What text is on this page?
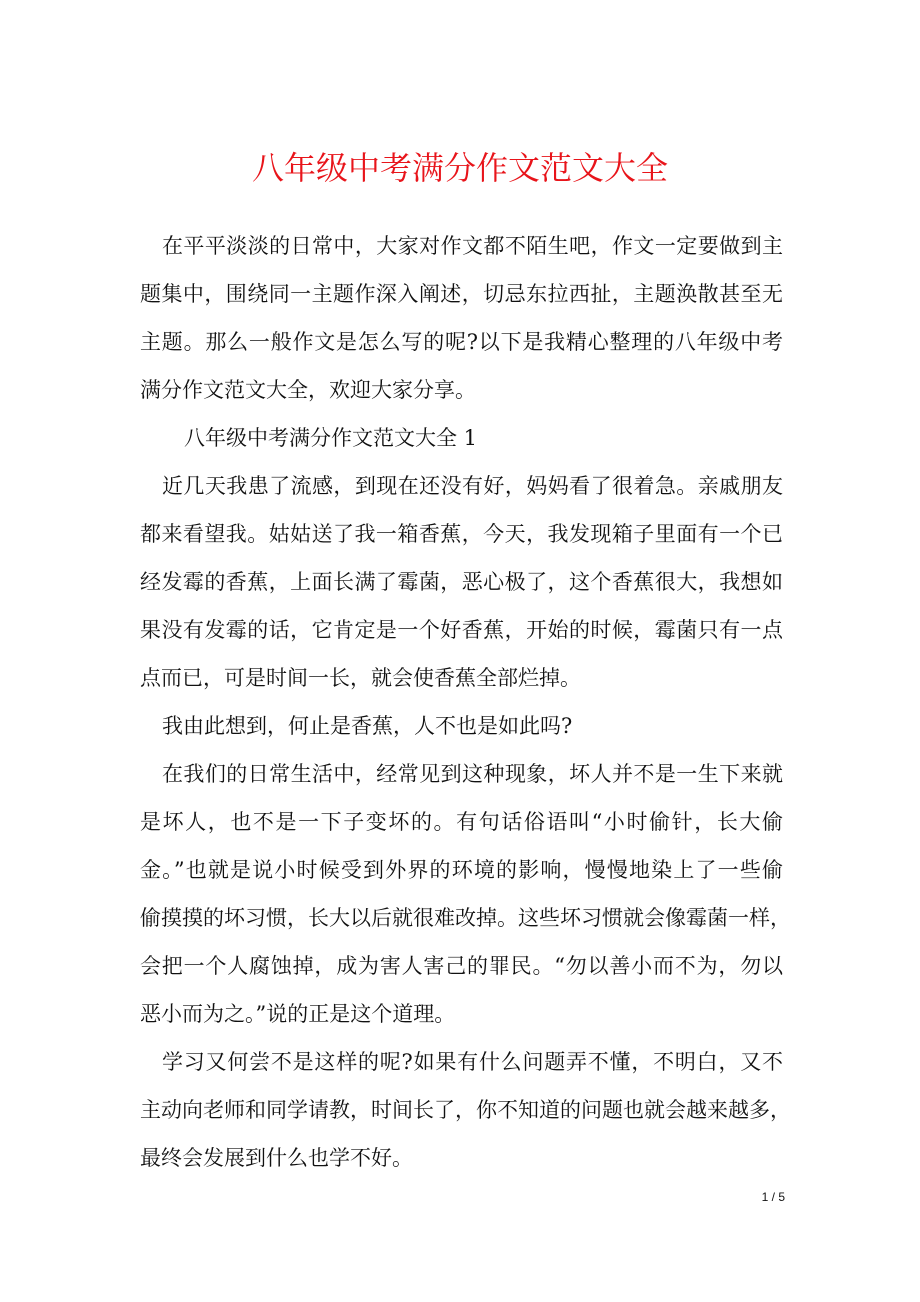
八年级中考满分作文范文大全
在平平淡淡的日常中，大家对作文都不陌生吧，作文一定要做到主
题集中，围绕同一主题作深入阐述，切忌东拉西扯，主题涣散甚至无
主题。那么一般作文是怎么写的呢?以下是我精心整理的八年级中考
满分作文范文大全，欢迎大家分享。
八年级中考满分作文范文大全 1
近几天我患了流感，到现在还没有好，妈妈看了很着急。亲戚朋友
都来看望我。姑姑送了我一箱香蕉，今天，我发现箱子里面有一个已
经发霉的香蕉，上面长满了霉菌，恶心极了，这个香蕉很大，我想如
果没有发霉的话，它肯定是一个好香蕉，开始的时候，霉菌只有一点
点而已，可是时间一长，就会使香蕉全部烂掉。
我由此想到，何止是香蕉，人不也是如此吗?
在我们的日常生活中，经常见到这种现象，坏人并不是一生下来就
是坏人，也不是一下子变坏的。有句话俗语叫“小时偷针，长大偷
金。”也就是说小时候受到外界的环境的影响，慢慢地染上了一些偷
偷摸摸的坏习惯，长大以后就很难改掉。这些坏习惯就会像霉菌一样，
会把一个人腐蚀掉，成为害人害己的罪民。“勿以善小而不为，勿以
恶小而为之。”说的正是这个道理。
学习又何尝不是这样的呢?如果有什么问题弄不懂，不明白，又不
主动向老师和同学请教，时间长了，你不知道的问题也就会越来越多，
最终会发展到什么也学不好。
1 / 5
